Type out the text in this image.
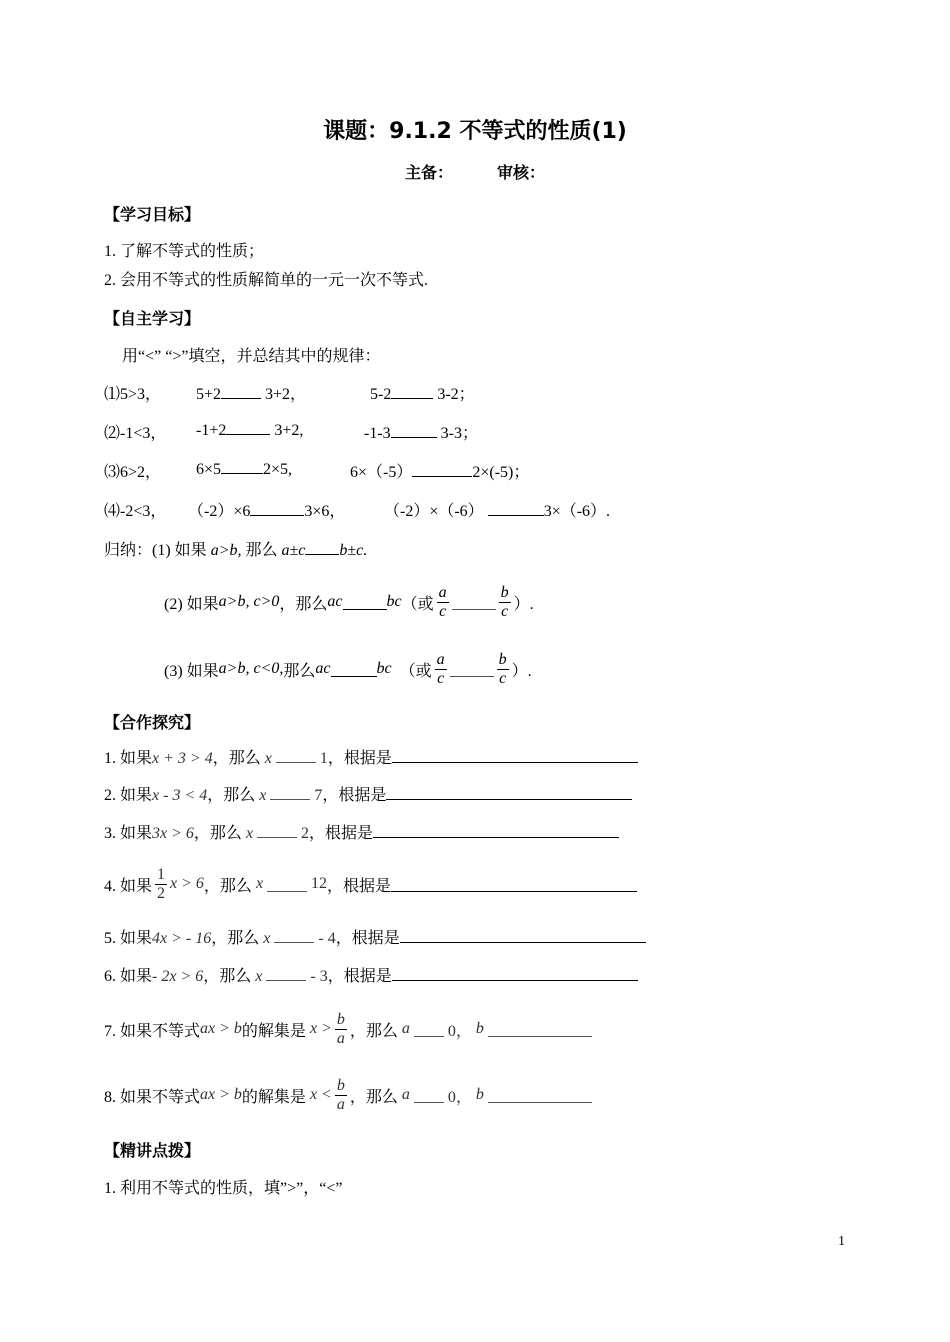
课题：9.1.2 不等式的性质(1)
主备：	审核：
【学习目标】
1. 了解不等式的性质；
2. 会用不等式的性质解简单的一元一次不等式.
【自主学习】
用“<” “>”填空，并总结其中的规律：
⑴5>3， 5+2	3+2，	5-2	3-2；
⑵-1<3， -1+2	3+2,	-1-3	3-3；
⑶6>2， 6×5	2×5,	6×（-5）	2×(-5)；
⑷-2<3， （-2）×6	3×6， （-2）×（-6）	3×（-6）.
归纳：(1) 如果 a>b, 那么 a±c b±c.
(2) 如果 a>b, c>0 ，那么 ac	bc （或 $\frac{a}{c}$	$\frac{b}{c}$ ）.
(3) 如果 a>b, c<0, 那么 ac	bc
（或 $\frac{a}{c}$	$\frac{b}{c}$ ）.
【合作探究】
1. 如果x + 3 > 4，那么 x	1，根据是
2. 如果x - 3 < 4，那么 x	7，根据是
3. 如果3x > 6，那么 x	2，根据是
4. 如果 $\frac{1}{2}$ x > 6 ，那么
x

	12 ，根据是
5. 如果4x > - 16，那么 x	- 4，根据是
6. 如果- 2x > 6，那么 x	- 3，根据是
7. 如果不等式 ax > b 的解集是
$x > \frac{b}{a}$ ，那么
a

0，
b

8. 如果不等式 ax > b 的解集是
$x < \frac{b}{a}$ ，那么
a

0，
b

【精讲点拨】
1. 利用不等式的性质，填”>”，“<”
1
